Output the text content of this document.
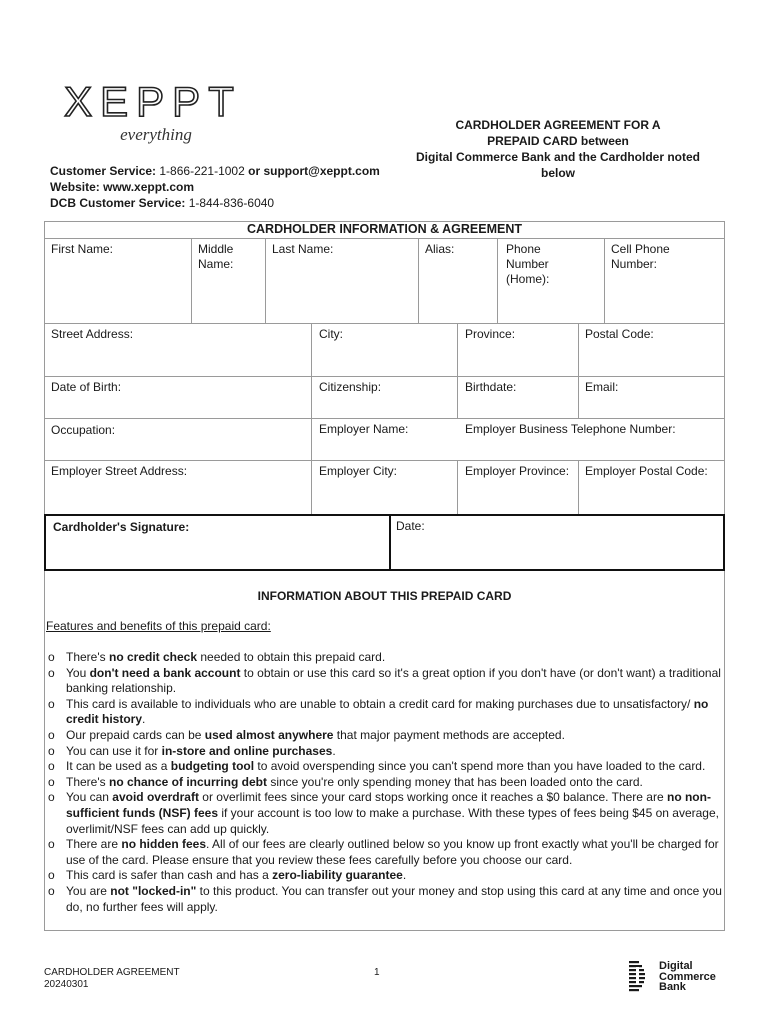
XEPPT
everything	CARDHOLDER AGREEMENT FOR A
PREPAID CARD between
Digital Commerce Bank and the Cardholder noted
below
Customer Service: 1-866-221-1002 or support@xeppt.com
Website: www.xeppt.com
DCB Customer Service: 1-844-836-6040
CARDHOLDER INFORMATION & AGREEMENT
First Name:	Middle
Name:
Last Name:	Alias:	Phone
Number
(Home):
Cell Phone
Number:
Street Address:	City:	Province:	Postal Code:
Date of Birth:	Citizenship:	Birthdate:	Email:
Occupation:	Employer Name:	Employer Business Telephone Number:
Employer Street Address:	Employer City:	Employer Province: Employer Postal Code:
Cardholder's Signature:	Date:
INFORMATION ABOUT THIS PREPAID CARD
Features and benefits of this prepaid card:
o There's no credit check needed to obtain this prepaid card.
o You don't need a bank account to obtain or use this card so it's a great option if you don't have (or don't want) a traditional banking relationship.
o This card is available to individuals who are unable to obtain a credit card for making purchases due to unsatisfactory/ no credit history.
o Our prepaid cards can be used almost anywhere that major payment methods are accepted.
o You can use it for in-store and online purchases.
o It can be used as a budgeting tool to avoid overspending since you can't spend more than you have loaded to the card.
o There's no chance of incurring debt since you're only spending money that has been loaded onto the card.
o You can avoid overdraft or overlimit fees since your card stops working once it reaches a $0 balance. There are no non-sufficient funds (NSF) fees if your account is too low to make a purchase. With these types of fees being $45 on average, overlimit/NSF fees can add up quickly.
o There are no hidden fees. All of our fees are clearly outlined below so you know up front exactly what you'll be charged for use of the card. Please ensure that you review these fees carefully before you choose our card.
o This card is safer than cash and has a zero-liability guarantee.
o You are not "locked-in" to this product. You can transfer out your money and stop using this card at any time and once you do, no further fees will apply.
CARDHOLDER AGREEMENT
20240301
1
Digital
Commerce
Bank
